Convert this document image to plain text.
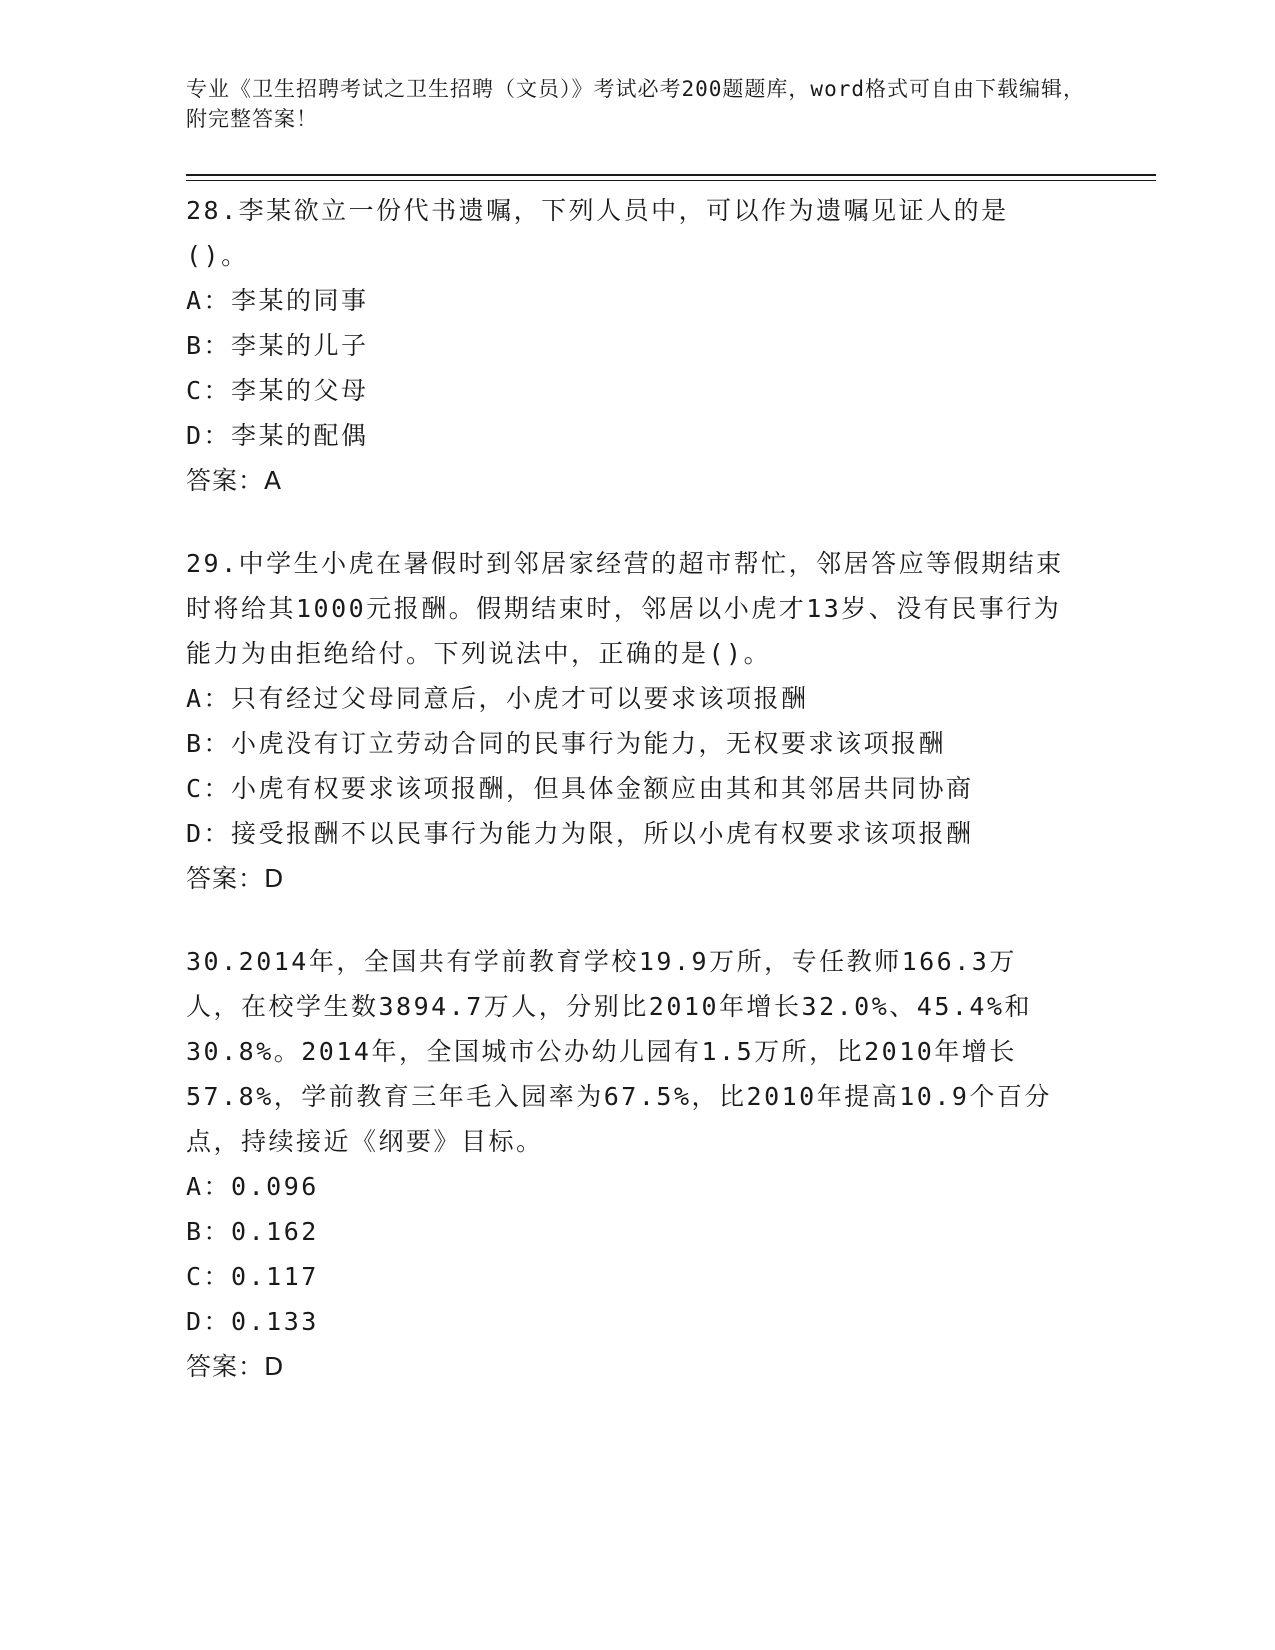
专业《卫生招聘考试之卫生招聘（文员）》考试必考200题题库，word格式可自由下载编辑，附完整答案！

28.李某欲立一份代书遗嘱，下列人员中，可以作为遗嘱见证人的是()。

A：李某的同事

B：李某的儿子

C：李某的父母

D：李某的配偶

答案：A

29.中学生小虎在暑假时到邻居家经营的超市帮忙，邻居答应等假期结束时将给其1000元报酬。假期结束时，邻居以小虎才13岁、没有民事行为能力为由拒绝给付。下列说法中，正确的是()。

A：只有经过父母同意后，小虎才可以要求该项报酬

B：小虎没有订立劳动合同的民事行为能力，无权要求该项报酬

C：小虎有权要求该项报酬，但具体金额应由其和其邻居共同协商

D：接受报酬不以民事行为能力为限，所以小虎有权要求该项报酬

答案：D

30.2014年，全国共有学前教育学校19.9万所，专任教师166.3万人，在校学生数3894.7万人，分别比2010年增长32.0%、45.4%和30.8%。2014年，全国城市公办幼儿园有1.5万所，比2010年增长57.8%，学前教育三年毛入园率为67.5%，比2010年提高10.9个百分点，持续接近《纲要》目标。

A：0.096

B：0.162

C：0.117

D：0.133

答案：D
